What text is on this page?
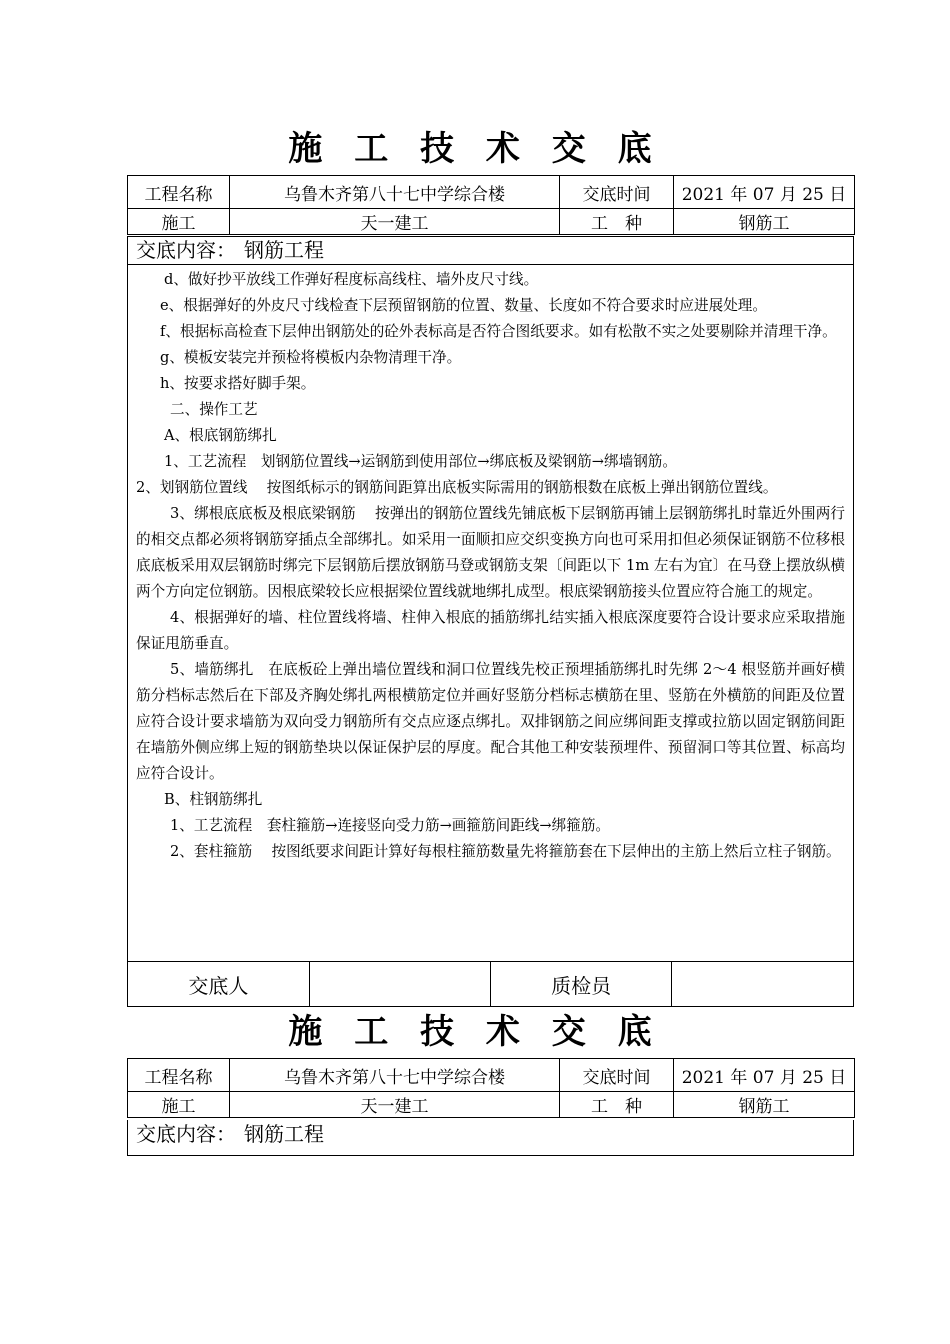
施 工 技 术 交 底
工程名称	乌鲁木齐第八十七中学综合楼	交底时间	2021 年 07 月 25 日
施工	天一建工	工　种	钢筋工
交底内容： 钢筋工程

d、做好抄平放线工作弹好程度标高线柱、墙外皮尺寸线。

e、根据弹好的外皮尺寸线检查下层预留钢筋的位置、数量、长度如不符合要求时应进展处理。

f、根据标高检查下层伸出钢筋处的砼外表标高是否符合图纸要求。如有松散不实之处要剔除并清理干净。

g、模板安装完并预检将模板内杂物清理干净。

h、按要求搭好脚手架。

二、操作工艺

A、根底钢筋绑扎

1、工艺流程　划钢筋位置线→运钢筋到使用部位→绑底板及梁钢筋→绑墙钢筋。

2、划钢筋位置线　 按图纸标示的钢筋间距算出底板实际需用的钢筋根数在底板上弹出钢筋位置线。

3、绑根底底板及根底梁钢筋　 按弹出的钢筋位置线先铺底板下层钢筋再铺上层钢筋绑扎时靠近外围两行的相交点都必须将钢筋穿插点全部绑扎。如采用一面顺扣应交织变换方向也可采用扣但必须保证钢筋不位移根底底板采用双层钢筋时绑完下层钢筋后摆放钢筋马登或钢筋支架〔间距以下 1m 左右为宜〕在马登上摆放纵横两个方向定位钢筋。因根底梁较长应根据梁位置线就地绑扎成型。根底梁钢筋接头位置应符合施工的规定。

4、根据弹好的墙、柱位置线将墙、柱伸入根底的插筋绑扎结实插入根底深度要符合设计要求应采取措施保证甩筋垂直。

5、墙筋绑扎　在底板砼上弹出墙位置线和洞口位置线先校正预埋插筋绑扎时先绑 2～4 根竖筋并画好横筋分档标志然后在下部及齐胸处绑扎两根横筋定位并画好竖筋分档标志横筋在里、竖筋在外横筋的间距及位置应符合设计要求墙筋为双向受力钢筋所有交点应逐点绑扎。双排钢筋之间应绑间距支撑或拉筋以固定钢筋间距在墙筋外侧应绑上短的钢筋垫块以保证保护层的厚度。配合其他工种安装预埋件、预留洞口等其位置、标高均应符合设计。

B、柱钢筋绑扎

1、工艺流程　套柱箍筋→连接竖向受力筋→画箍筋间距线→绑箍筋。

2、套柱箍筋　 按图纸要求间距计算好每根柱箍筋数量先将箍筋套在下层伸出的主筋上然后立柱子钢筋。

交底人		质检员	
施 工 技 术 交 底
工程名称	乌鲁木齐第八十七中学综合楼	交底时间	2021 年 07 月 25 日
施工	天一建工	工　种	钢筋工
交底内容： 钢筋工程
